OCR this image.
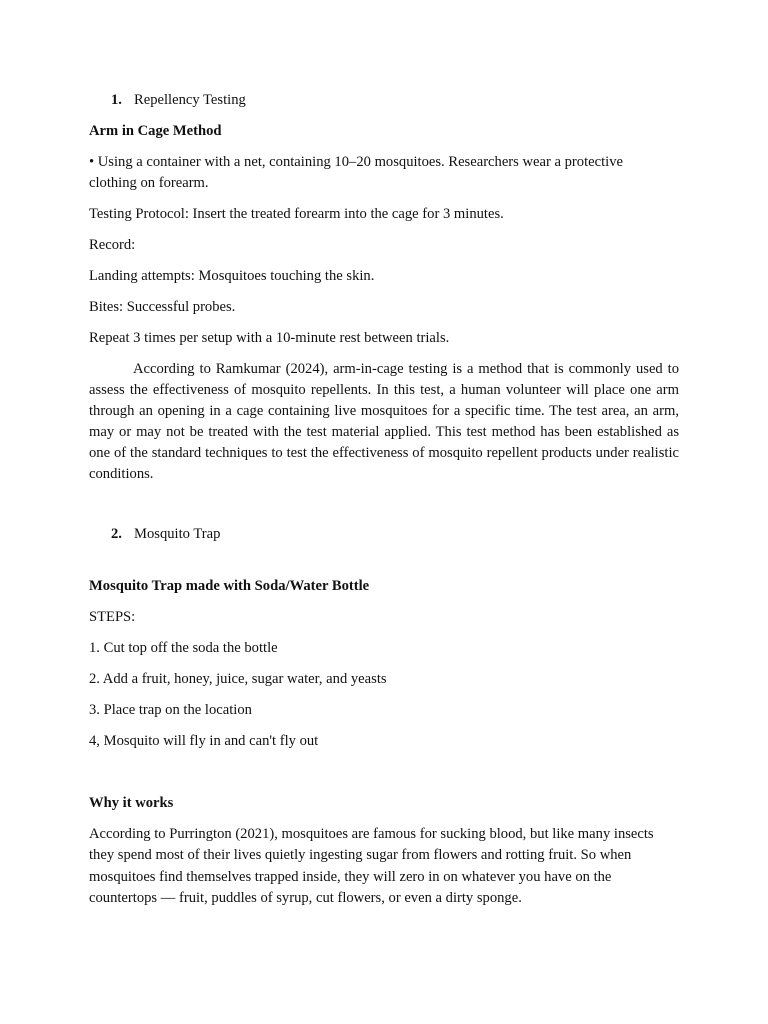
1. Repellency Testing
Arm in Cage Method
• Using a container with a net, containing 10–20 mosquitoes. Researchers wear a protective clothing on forearm.
Testing Protocol: Insert the treated forearm into the cage for 3 minutes.
Record:
Landing attempts: Mosquitoes touching the skin.
Bites: Successful probes.
Repeat 3 times per setup with a 10-minute rest between trials.
According to Ramkumar (2024), arm-in-cage testing is a method that is commonly used to assess the effectiveness of mosquito repellents. In this test, a human volunteer will place one arm through an opening in a cage containing live mosquitoes for a specific time. The test area, an arm, may or may not be treated with the test material applied. This test method has been established as one of the standard techniques to test the effectiveness of mosquito repellent products under realistic conditions.
2. Mosquito Trap
Mosquito Trap made with Soda/Water Bottle
STEPS:
1. Cut top off the soda the bottle
2. Add a fruit, honey, juice, sugar water, and yeasts
3. Place trap on the location
4, Mosquito will fly in and can't fly out
Why it works
According to Purrington (2021), mosquitoes are famous for sucking blood, but like many insects they spend most of their lives quietly ingesting sugar from flowers and rotting fruit. So when mosquitoes find themselves trapped inside, they will zero in on whatever you have on the countertops — fruit, puddles of syrup, cut flowers, or even a dirty sponge.
